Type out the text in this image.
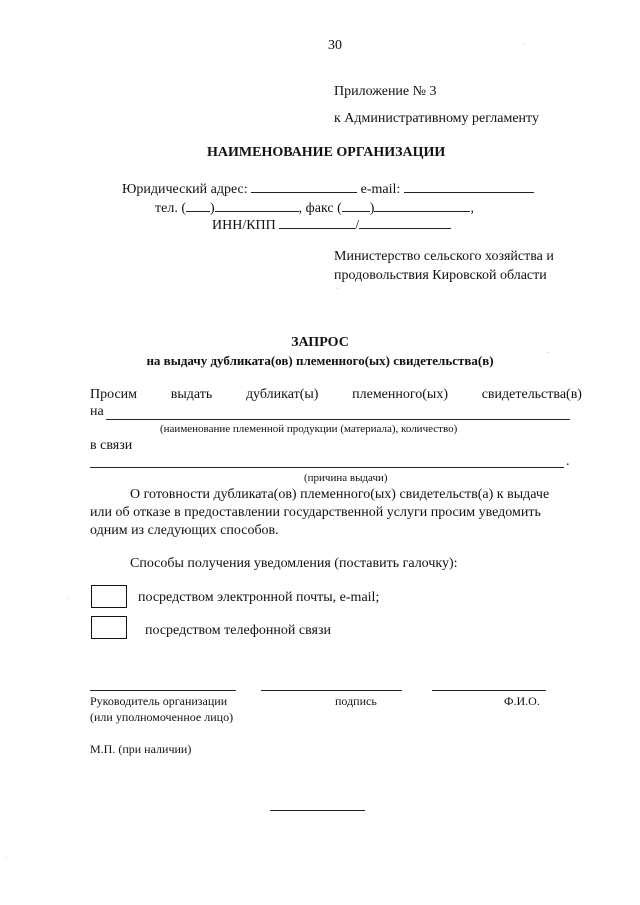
30
Приложение № 3
к Административному регламенту
НАИМЕНОВАНИЕ ОРГАНИЗАЦИИ
Юридический адрес:	e-mail:
тел. ( )	, факс ( )	,
ИНН/КПП	/
Министерство сельского хозяйства и
продовольствия Кировской области
ЗАПРОС
на выдачу дубликата(ов) племенного(ых) свидетельства(в)
Просим выдать дубликат(ы) племенного(ых) свидетельства(в)
на
(наименование племенной продукции (материала), количество)
в связи
.
(причина выдачи)
О готовности дубликата(ов) племенного(ых) свидетельств(а) к выдаче
или об отказе в предоставлении государственной услуги просим уведомить
одним из следующих способов.
Способы получения уведомления (поставить галочку):
посредством электронной почты, e-mail;
посредством телефонной связи
Руководитель организации
(или уполномоченное лицо)
подпись	Ф.И.О.
М.П. (при наличии)
